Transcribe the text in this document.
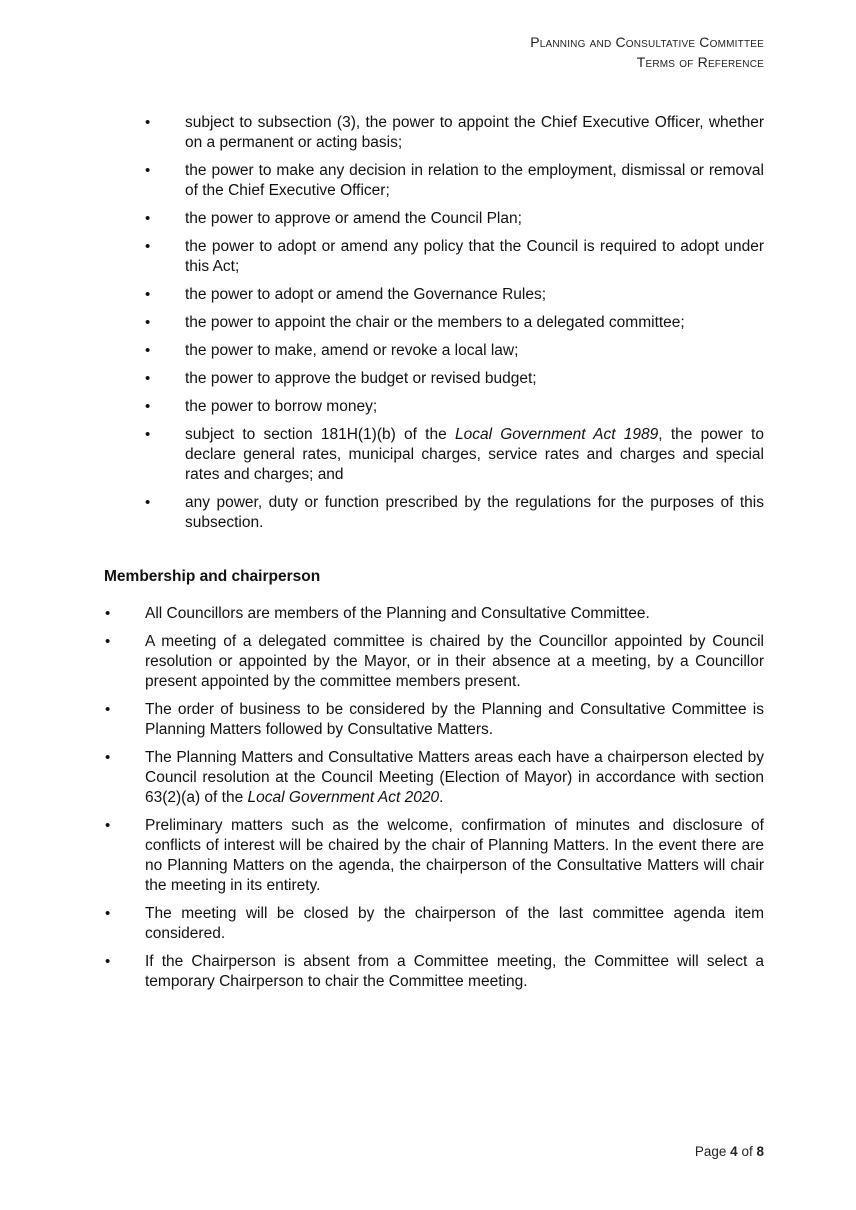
Planning and Consultative Committee
Terms of Reference
• subject to subsection (3), the power to appoint the Chief Executive Officer, whether on a permanent or acting basis;
• the power to make any decision in relation to the employment, dismissal or removal of the Chief Executive Officer;
• the power to approve or amend the Council Plan;
• the power to adopt or amend any policy that the Council is required to adopt under this Act;
• the power to adopt or amend the Governance Rules;
• the power to appoint the chair or the members to a delegated committee;
• the power to make, amend or revoke a local law;
• the power to approve the budget or revised budget;
• the power to borrow money;
• subject to section 181H(1)(b) of the Local Government Act 1989, the power to declare general rates, municipal charges, service rates and charges and special rates and charges; and
• any power, duty or function prescribed by the regulations for the purposes of this subsection.
Membership and chairperson
• All Councillors are members of the Planning and Consultative Committee.
• A meeting of a delegated committee is chaired by the Councillor appointed by Council resolution or appointed by the Mayor, or in their absence at a meeting, by a Councillor present appointed by the committee members present.
• The order of business to be considered by the Planning and Consultative Committee is Planning Matters followed by Consultative Matters.
• The Planning Matters and Consultative Matters areas each have a chairperson elected by Council resolution at the Council Meeting (Election of Mayor) in accordance with section 63(2)(a) of the Local Government Act 2020.
• Preliminary matters such as the welcome, confirmation of minutes and disclosure of conflicts of interest will be chaired by the chair of Planning Matters. In the event there are no Planning Matters on the agenda, the chairperson of the Consultative Matters will chair the meeting in its entirety.
• The meeting will be closed by the chairperson of the last committee agenda item considered.
• If the Chairperson is absent from a Committee meeting, the Committee will select a temporary Chairperson to chair the Committee meeting.
Page 4 of 8
